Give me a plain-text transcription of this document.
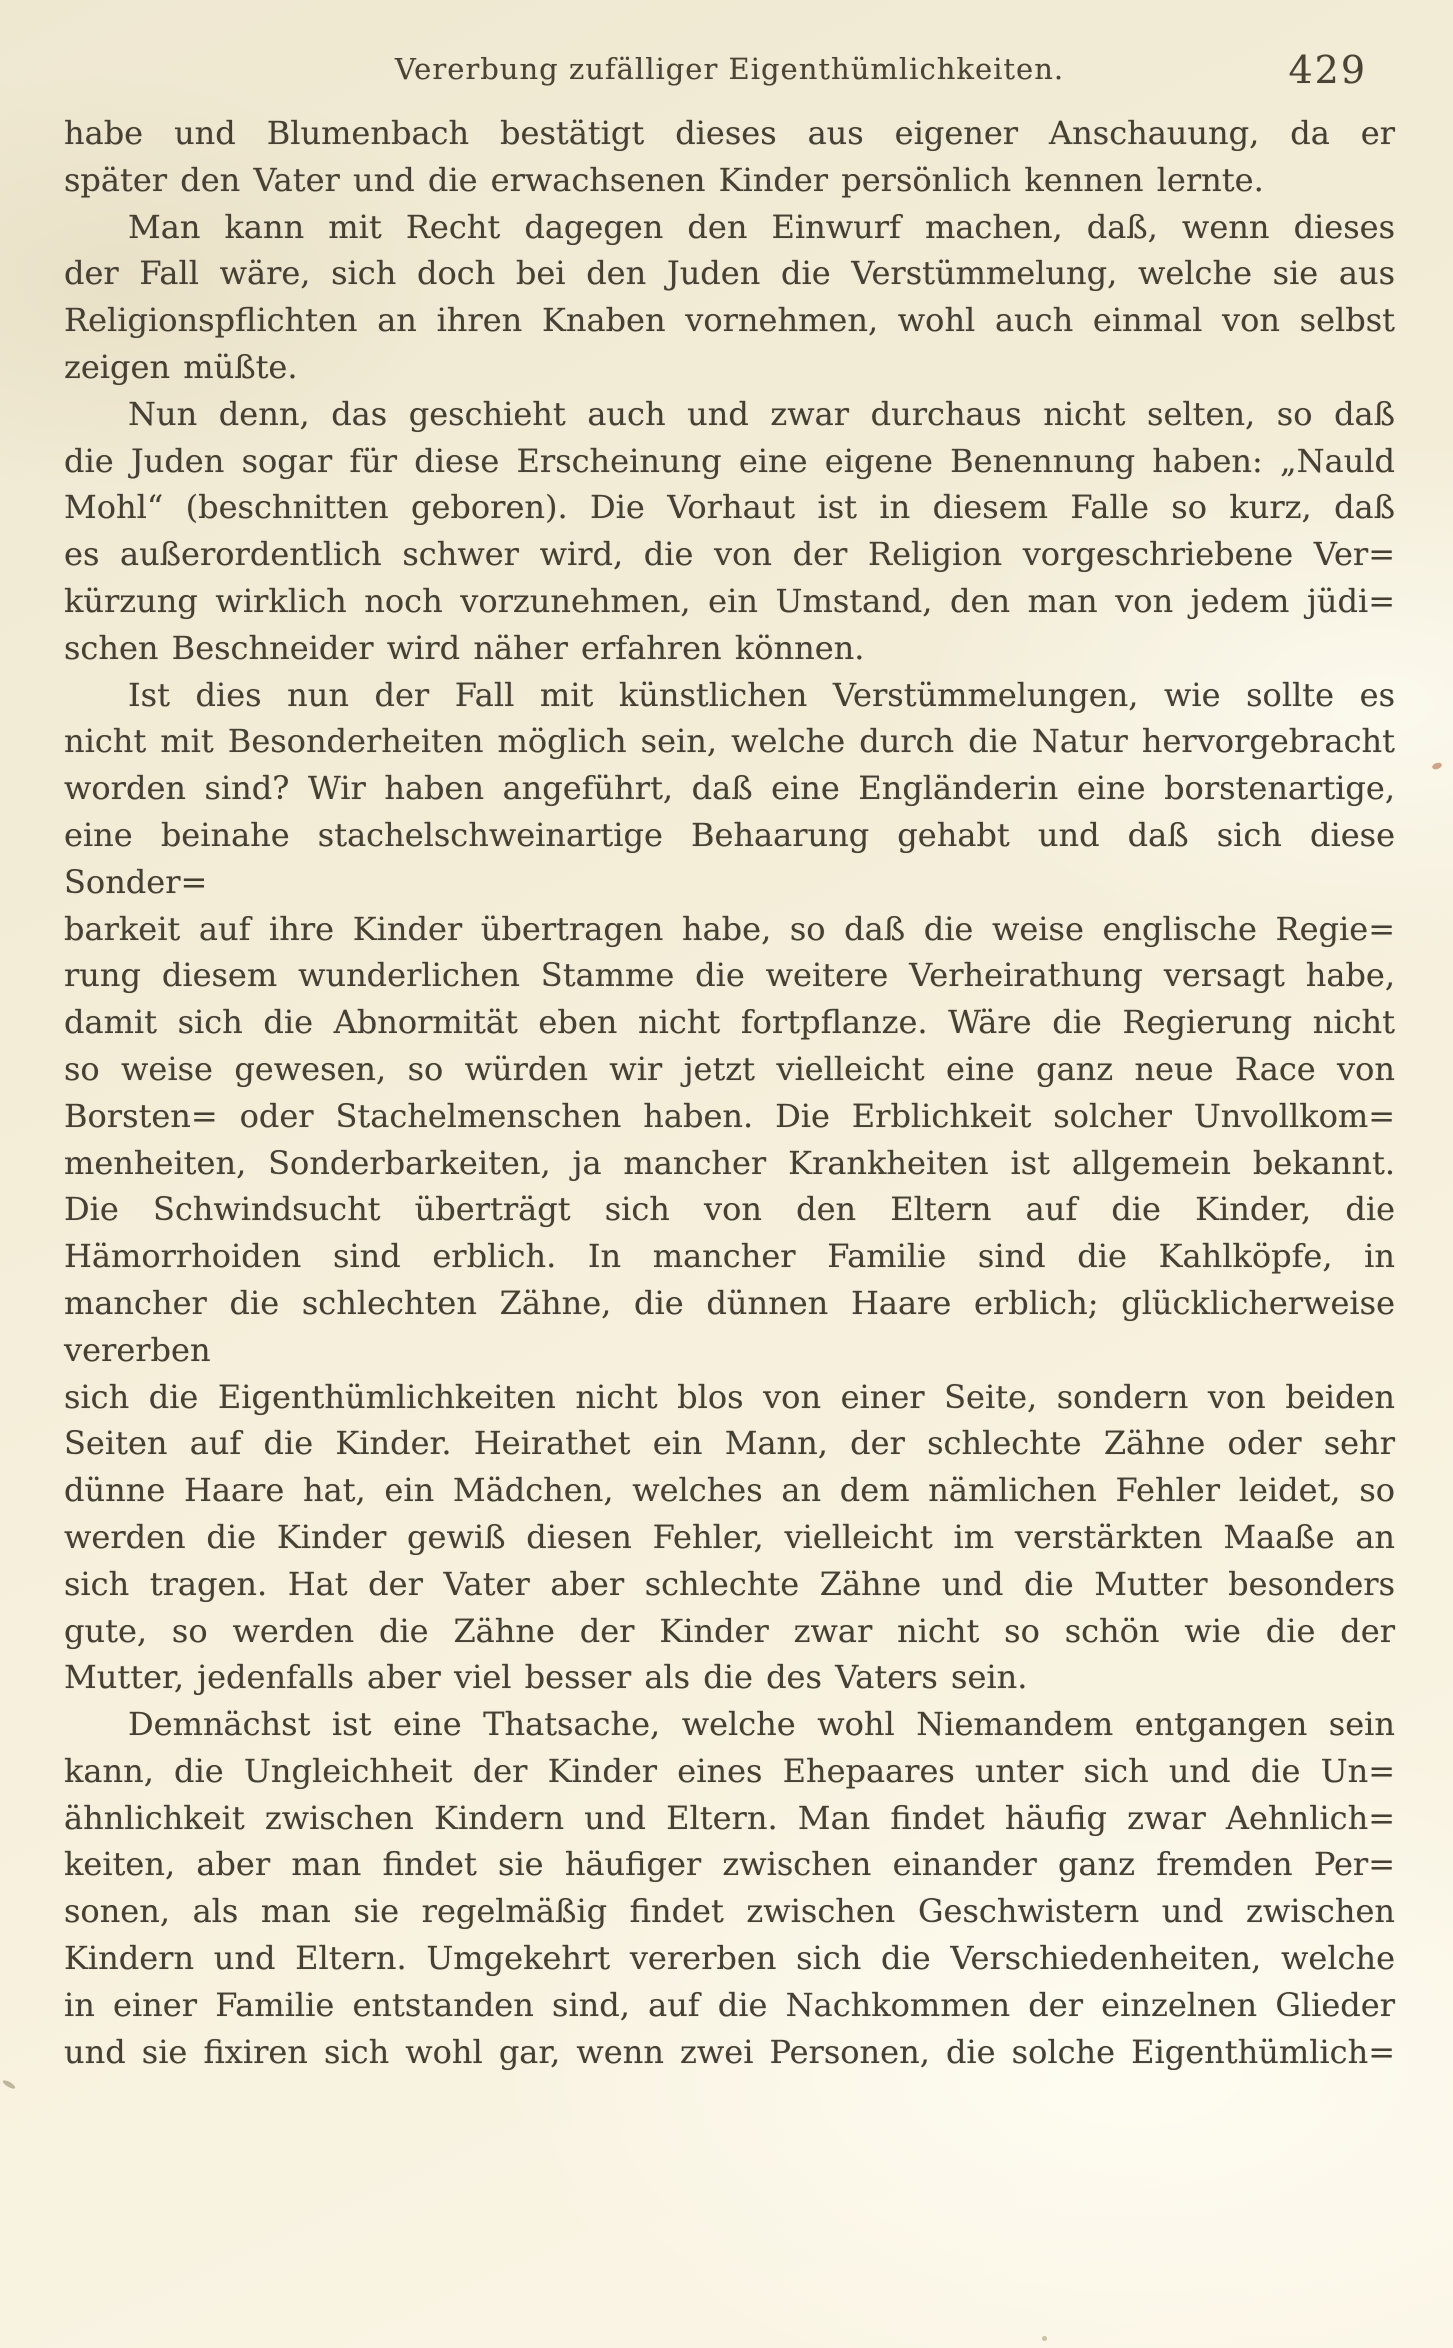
Vererbung zufälliger Eigenthümlichkeiten.	429
habe und Blumenbach bestätigt dieses aus eigener Anschauung, da er
später den Vater und die erwachsenen Kinder persönlich kennen lernte.
Man kann mit Recht dagegen den Einwurf machen, daß, wenn dieses
der Fall wäre, sich doch bei den Juden die Verstümmelung, welche sie aus
Religionspflichten an ihren Knaben vornehmen, wohl auch einmal von selbst
zeigen müßte.
Nun denn, das geschieht auch und zwar durchaus nicht selten, so daß
die Juden sogar für diese Erscheinung eine eigene Benennung haben: „Nauld
Mohl“ (beschnitten geboren). Die Vorhaut ist in diesem Falle so kurz, daß
es außerordentlich schwer wird, die von der Religion vorgeschriebene Ver=
kürzung wirklich noch vorzunehmen, ein Umstand, den man von jedem jüdi=
schen Beschneider wird näher erfahren können.
Ist dies nun der Fall mit künstlichen Verstümmelungen, wie sollte es
nicht mit Besonderheiten möglich sein, welche durch die Natur hervorgebracht
worden sind? Wir haben angeführt, daß eine Engländerin eine borstenartige,
eine beinahe stachelschweinartige Behaarung gehabt und daß sich diese Sonder=
barkeit auf ihre Kinder übertragen habe, so daß die weise englische Regie=
rung diesem wunderlichen Stamme die weitere Verheirathung versagt habe,
damit sich die Abnormität eben nicht fortpflanze. Wäre die Regierung nicht
so weise gewesen, so würden wir jetzt vielleicht eine ganz neue Race von
Borsten= oder Stachelmenschen haben. Die Erblichkeit solcher Unvollkom=
menheiten, Sonderbarkeiten, ja mancher Krankheiten ist allgemein bekannt.
Die Schwindsucht überträgt sich von den Eltern auf die Kinder, die
Hämorrhoiden sind erblich. In mancher Familie sind die Kahlköpfe, in
mancher die schlechten Zähne, die dünnen Haare erblich; glücklicherweise vererben
sich die Eigenthümlichkeiten nicht blos von einer Seite, sondern von beiden
Seiten auf die Kinder. Heirathet ein Mann, der schlechte Zähne oder sehr
dünne Haare hat, ein Mädchen, welches an dem nämlichen Fehler leidet, so
werden die Kinder gewiß diesen Fehler, vielleicht im verstärkten Maaße an
sich tragen. Hat der Vater aber schlechte Zähne und die Mutter besonders
gute, so werden die Zähne der Kinder zwar nicht so schön wie die der
Mutter, jedenfalls aber viel besser als die des Vaters sein.
Demnächst ist eine Thatsache, welche wohl Niemandem entgangen sein
kann, die Ungleichheit der Kinder eines Ehepaares unter sich und die Un=
ähnlichkeit zwischen Kindern und Eltern. Man findet häufig zwar Aehnlich=
keiten, aber man findet sie häufiger zwischen einander ganz fremden Per=
sonen, als man sie regelmäßig findet zwischen Geschwistern und zwischen
Kindern und Eltern. Umgekehrt vererben sich die Verschiedenheiten, welche
in einer Familie entstanden sind, auf die Nachkommen der einzelnen Glieder
und sie fixiren sich wohl gar, wenn zwei Personen, die solche Eigenthümlich=
